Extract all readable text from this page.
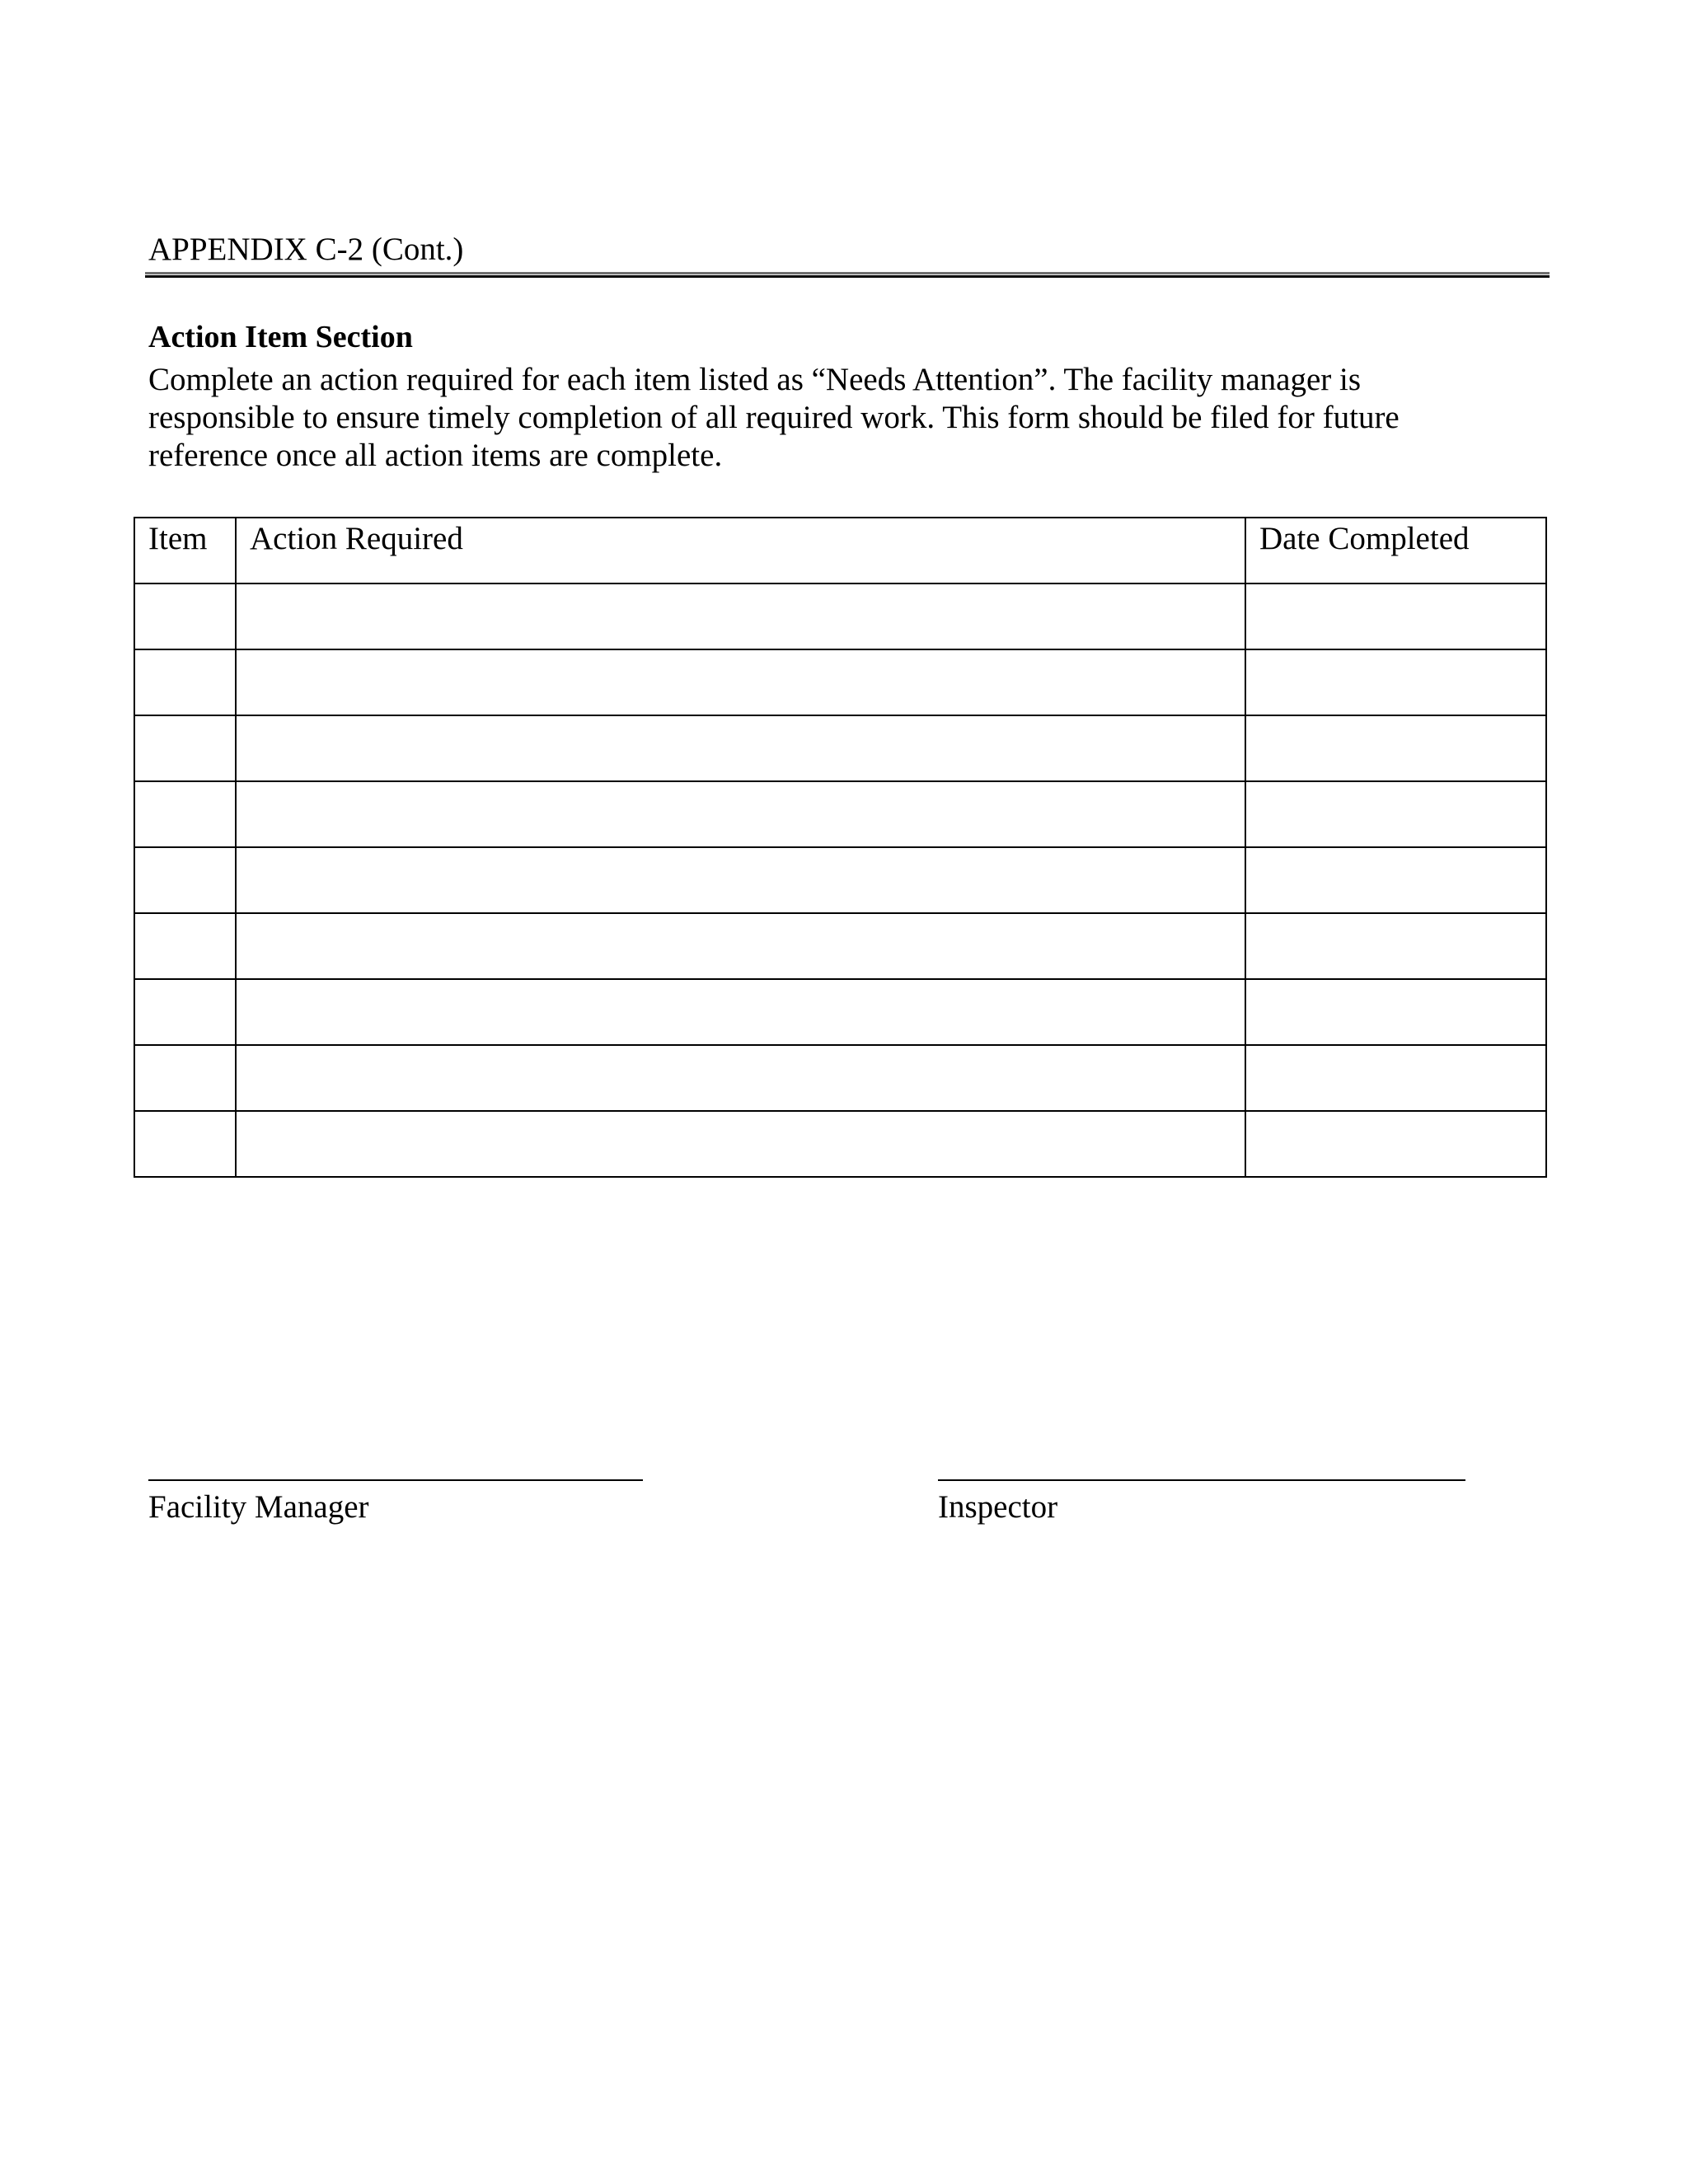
APPENDIX C-2 (Cont.)
Action Item Section
Complete an action required for each item listed as “Needs Attention”. The facility manager is
responsible to ensure timely completion of all required work. This form should be filed for future
reference once all action items are complete.
Item	Action Required	Date Completed

Facility Manager	Inspector
